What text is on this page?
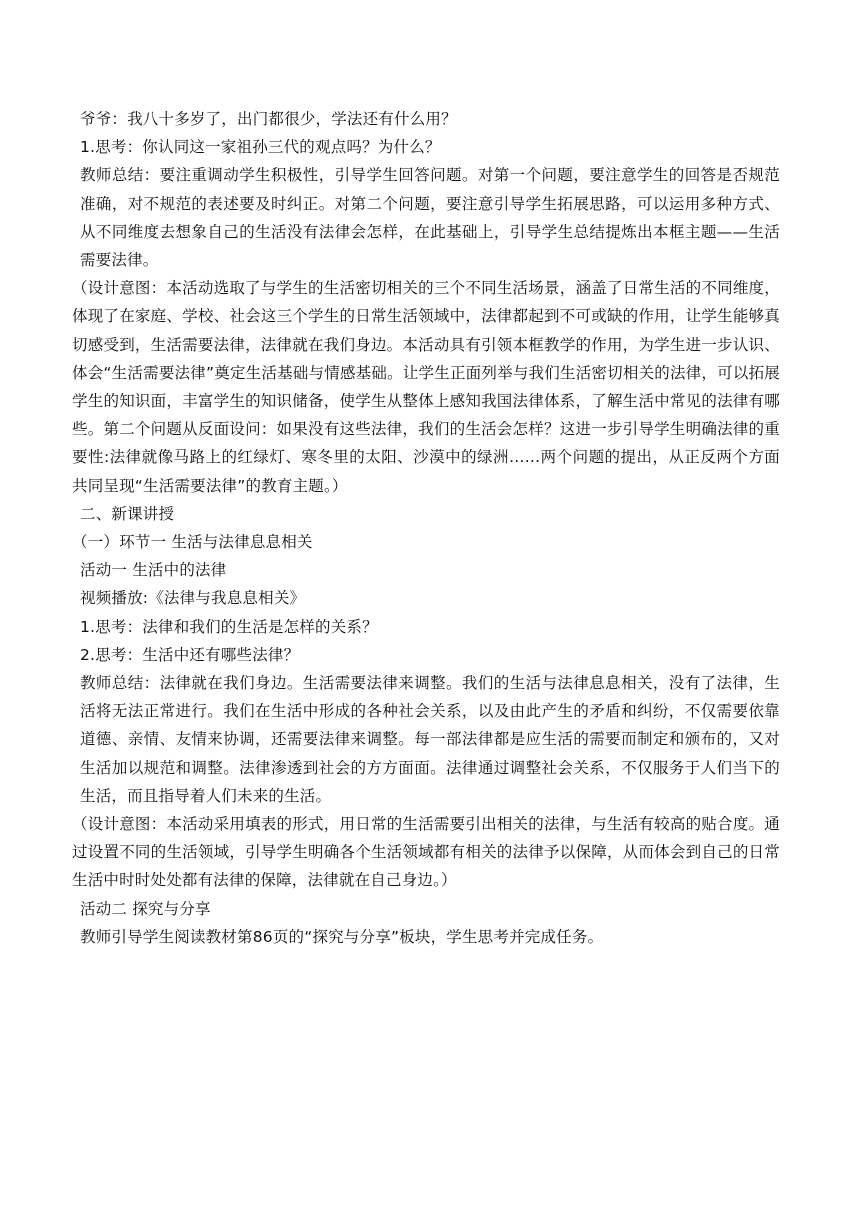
爷爷：我八十多岁了，出门都很少，学法还有什么用？

1.思考：你认同这一家祖孙三代的观点吗？为什么？

教师总结：要注重调动学生积极性，引导学生回答问题。对第一个问题，要注意学生的回答是否规范准确，对不规范的表述要及时纠正。对第二个问题，要注意引导学生拓展思路，可以运用多种方式、从不同维度去想象自己的生活没有法律会怎样，在此基础上，引导学生总结提炼出本框主题——生活需要法律。

（设计意图：本活动选取了与学生的生活密切相关的三个不同生活场景，涵盖了日常生活的不同维度，体现了在家庭、学校、社会这三个学生的日常生活领域中，法律都起到不可或缺的作用，让学生能够真切感受到，生活需要法律，法律就在我们身边。本活动具有引领本框教学的作用，为学生进一步认识、体会“生活需要法律”奠定生活基础与情感基础。让学生正面列举与我们生活密切相关的法律，可以拓展学生的知识面，丰富学生的知识储备，使学生从整体上感知我国法律体系，了解生活中常见的法律有哪些。第二个问题从反面设问：如果没有这些法律，我们的生活会怎样？这进一步引导学生明确法律的重要性:法律就像马路上的红绿灯、寒冬里的太阳、沙漠中的绿洲……两个问题的提出，从正反两个方面共同呈现“生活需要法律”的教育主题。）

二、新课讲授

（一）环节一 生活与法律息息相关

活动一 生活中的法律

视频播放:《法律与我息息相关》

1.思考：法律和我们的生活是怎样的关系？

2.思考：生活中还有哪些法律？

教师总结：法律就在我们身边。生活需要法律来调整。我们的生活与法律息息相关，没有了法律，生活将无法正常进行。我们在生活中形成的各种社会关系，以及由此产生的矛盾和纠纷，不仅需要依靠道德、亲情、友情来协调，还需要法律来调整。每一部法律都是应生活的需要而制定和颁布的，又对生活加以规范和调整。法律渗透到社会的方方面面。法律通过调整社会关系，不仅服务于人们当下的生活，而且指导着人们未来的生活。

（设计意图：本活动采用填表的形式，用日常的生活需要引出相关的法律，与生活有较高的贴合度。通过设置不同的生活领域，引导学生明确各个生活领域都有相关的法律予以保障，从而体会到自己的日常生活中时时处处都有法律的保障，法律就在自己身边。）

活动二 探究与分享

教师引导学生阅读教材第86页的“探究与分享”板块，学生思考并完成任务。
